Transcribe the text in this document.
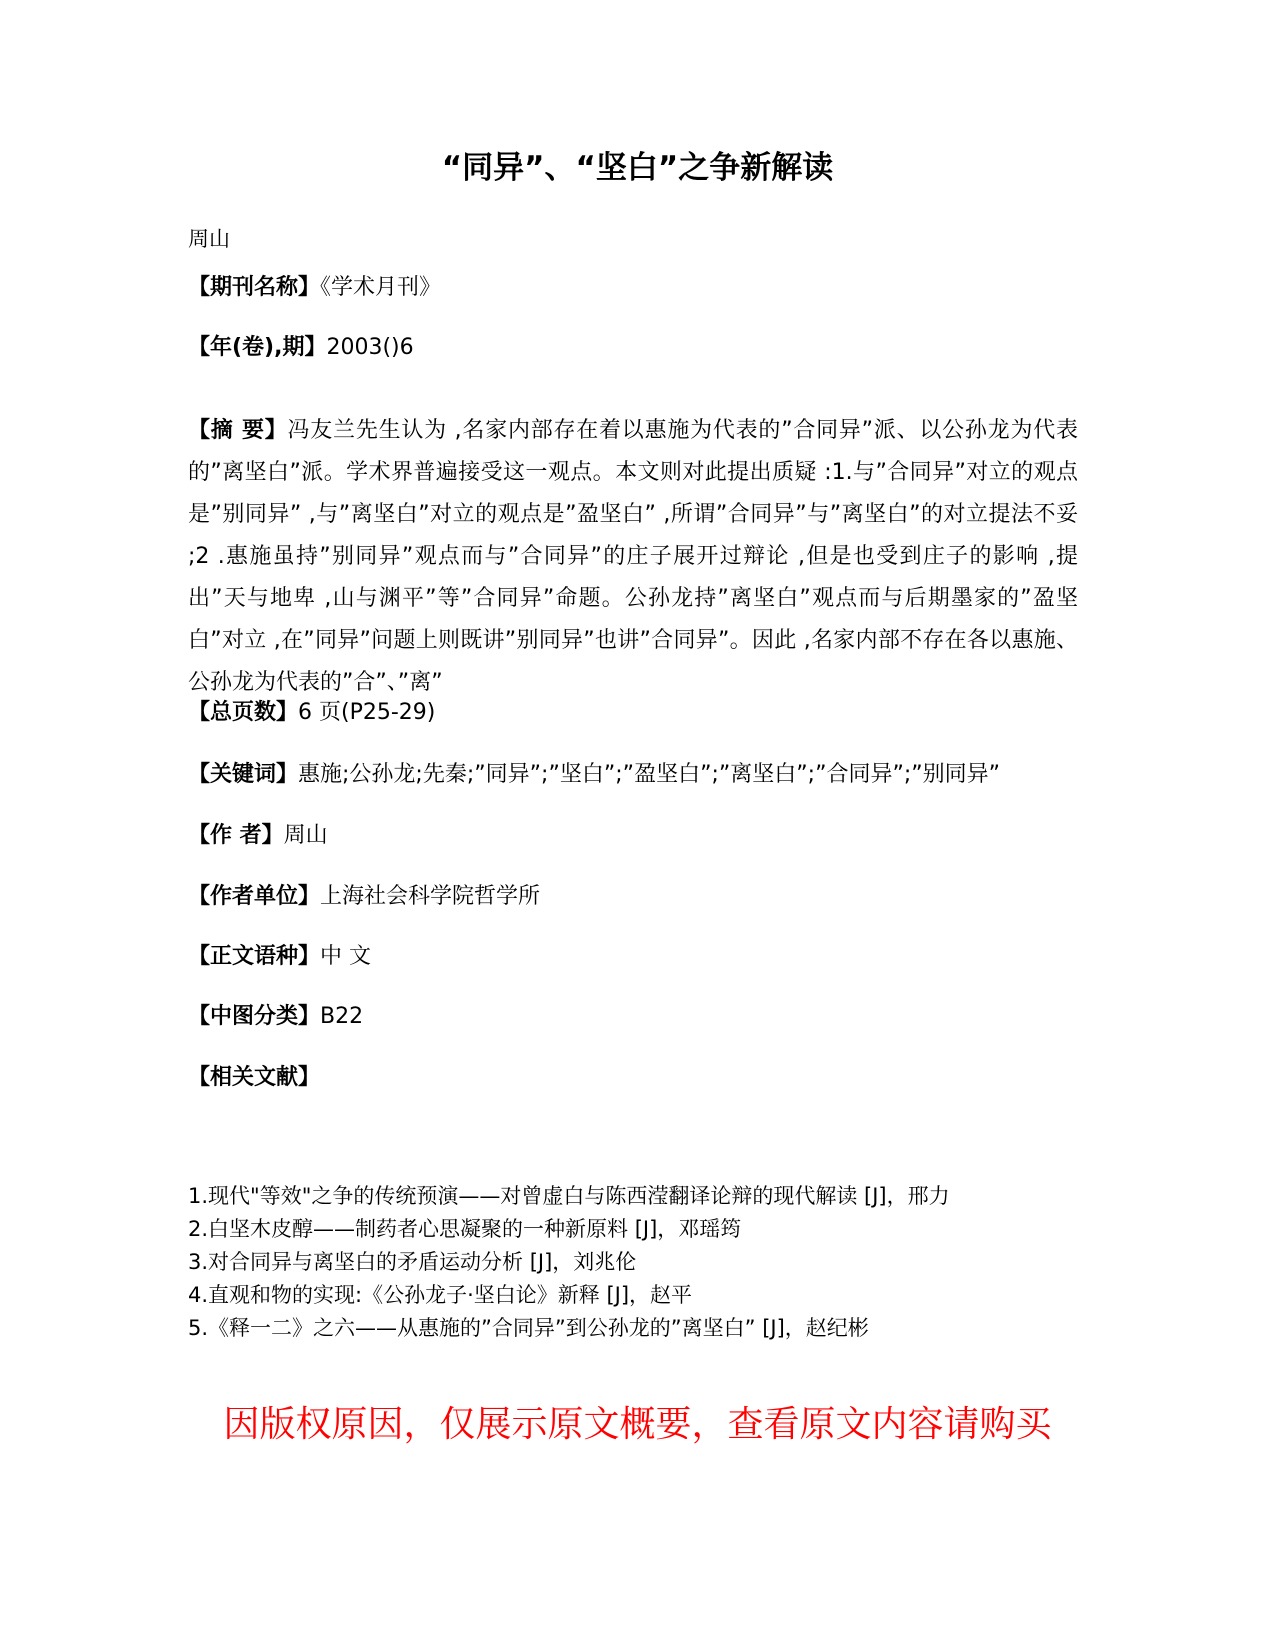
“同异”、“坚白”之争新解读
周山
【期刊名称】《学术月刊》
【年(卷),期】2003()6

【摘 要】冯友兰先生认为 ,名家内部存在着以惠施为代表的”合同异”派、以公孙龙为代表的”离坚白”派。学术界普遍接受这一观点。本文则对此提出质疑 :1.与”合同异”对立的观点是”别同异” ,与”离坚白”对立的观点是”盈坚白” ,所谓”合同异”与”离坚白”的对立提法不妥 ;2 .惠施虽持”别同异”观点而与”合同异”的庄子展开过辩论 ,但是也受到庄子的影响 ,提出”天与地卑 ,山与渊平”等”合同异”命题。公孙龙持”离坚白”观点而与后期墨家的”盈坚白”对立 ,在”同异”问题上则既讲”别同异”也讲”合同异”。因此 ,名家内部不存在各以惠施、公孙龙为代表的”合”、”离”

【总页数】6 页(P25-29)
【关键词】惠施;公孙龙;先秦;”同异”;”坚白”;”盈坚白”;”离坚白”;”合同异”;”别同异”
【作 者】周山
【作者单位】上海社会科学院哲学所
【正文语种】中 文
【中图分类】B22
【相关文献】
1.现代"等效"之争的传统预演——对曾虚白与陈西滢翻译论辩的现代解读 [J]，邢力
2.白坚木皮醇——制药者心思凝聚的一种新原料 [J]，邓瑶筠
3.对合同异与离坚白的矛盾运动分析 [J]，刘兆伦
4.直观和物的实现:《公孙龙子·坚白论》新释 [J]，赵平
5.《释一二》之六——从惠施的”合同异”到公孙龙的”离坚白” [J]，赵纪彬
因版权原因，仅展示原文概要，查看原文内容请购买
